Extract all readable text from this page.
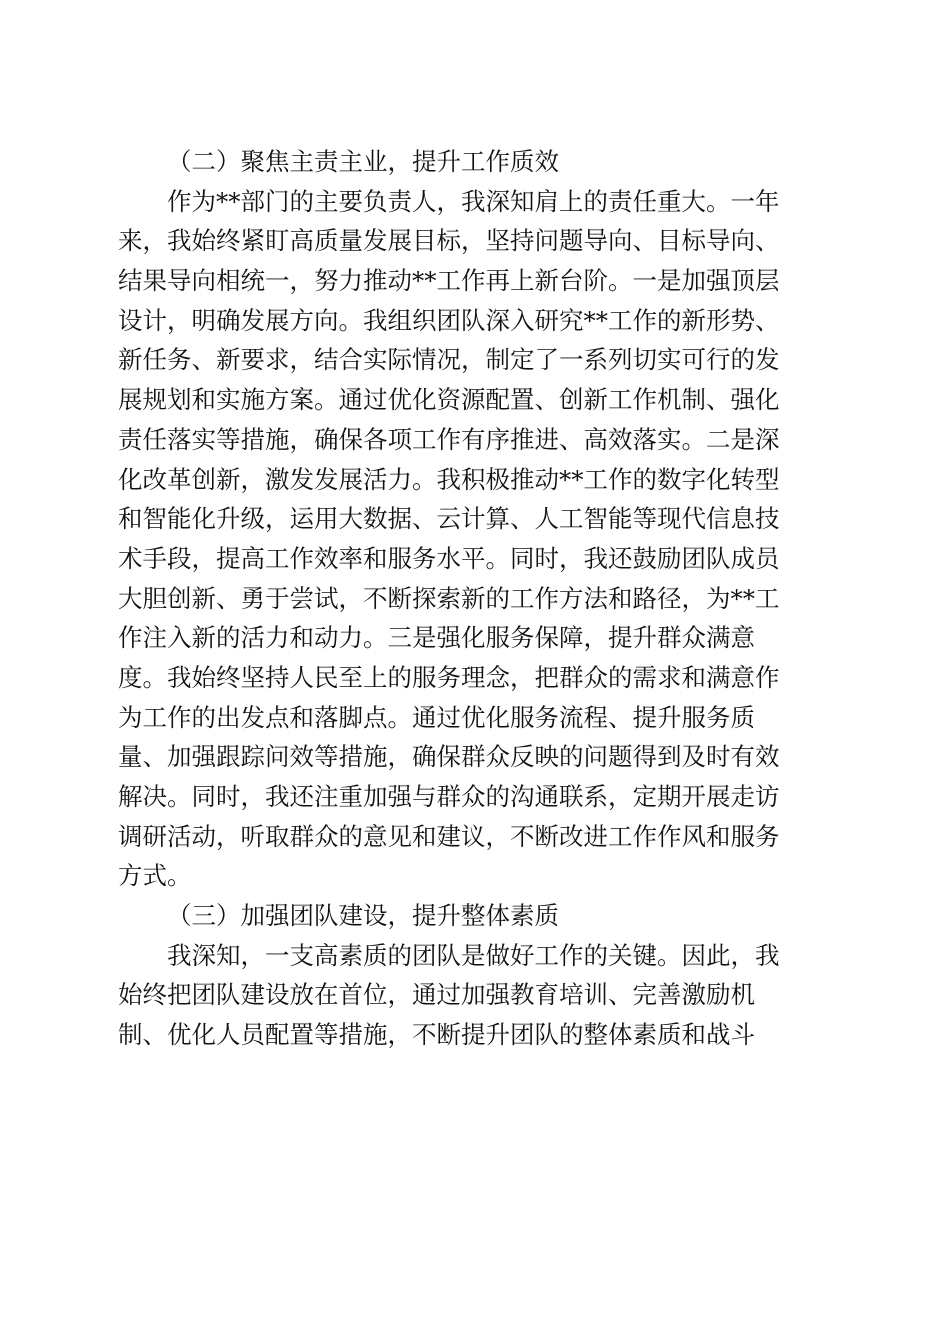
（二）聚焦主责主业，提升工作质效
作为**部门的主要负责人，我深知肩上的责任重大。一年
来，我始终紧盯高质量发展目标，坚持问题导向、目标导向、
结果导向相统一，努力推动**工作再上新台阶。一是加强顶层
设计，明确发展方向。我组织团队深入研究**工作的新形势、
新任务、新要求，结合实际情况，制定了一系列切实可行的发
展规划和实施方案。通过优化资源配置、创新工作机制、强化
责任落实等措施，确保各项工作有序推进、高效落实。二是深
化改革创新，激发发展活力。我积极推动**工作的数字化转型
和智能化升级，运用大数据、云计算、人工智能等现代信息技
术手段，提高工作效率和服务水平。同时，我还鼓励团队成员
大胆创新、勇于尝试，不断探索新的工作方法和路径，为**工
作注入新的活力和动力。三是强化服务保障，提升群众满意
度。我始终坚持人民至上的服务理念，把群众的需求和满意作
为工作的出发点和落脚点。通过优化服务流程、提升服务质
量、加强跟踪问效等措施，确保群众反映的问题得到及时有效
解决。同时，我还注重加强与群众的沟通联系，定期开展走访
调研活动，听取群众的意见和建议，不断改进工作作风和服务
方式。
（三）加强团队建设，提升整体素质
我深知，一支高素质的团队是做好工作的关键。因此，我
始终把团队建设放在首位，通过加强教育培训、完善激励机
制、优化人员配置等措施，不断提升团队的整体素质和战斗
